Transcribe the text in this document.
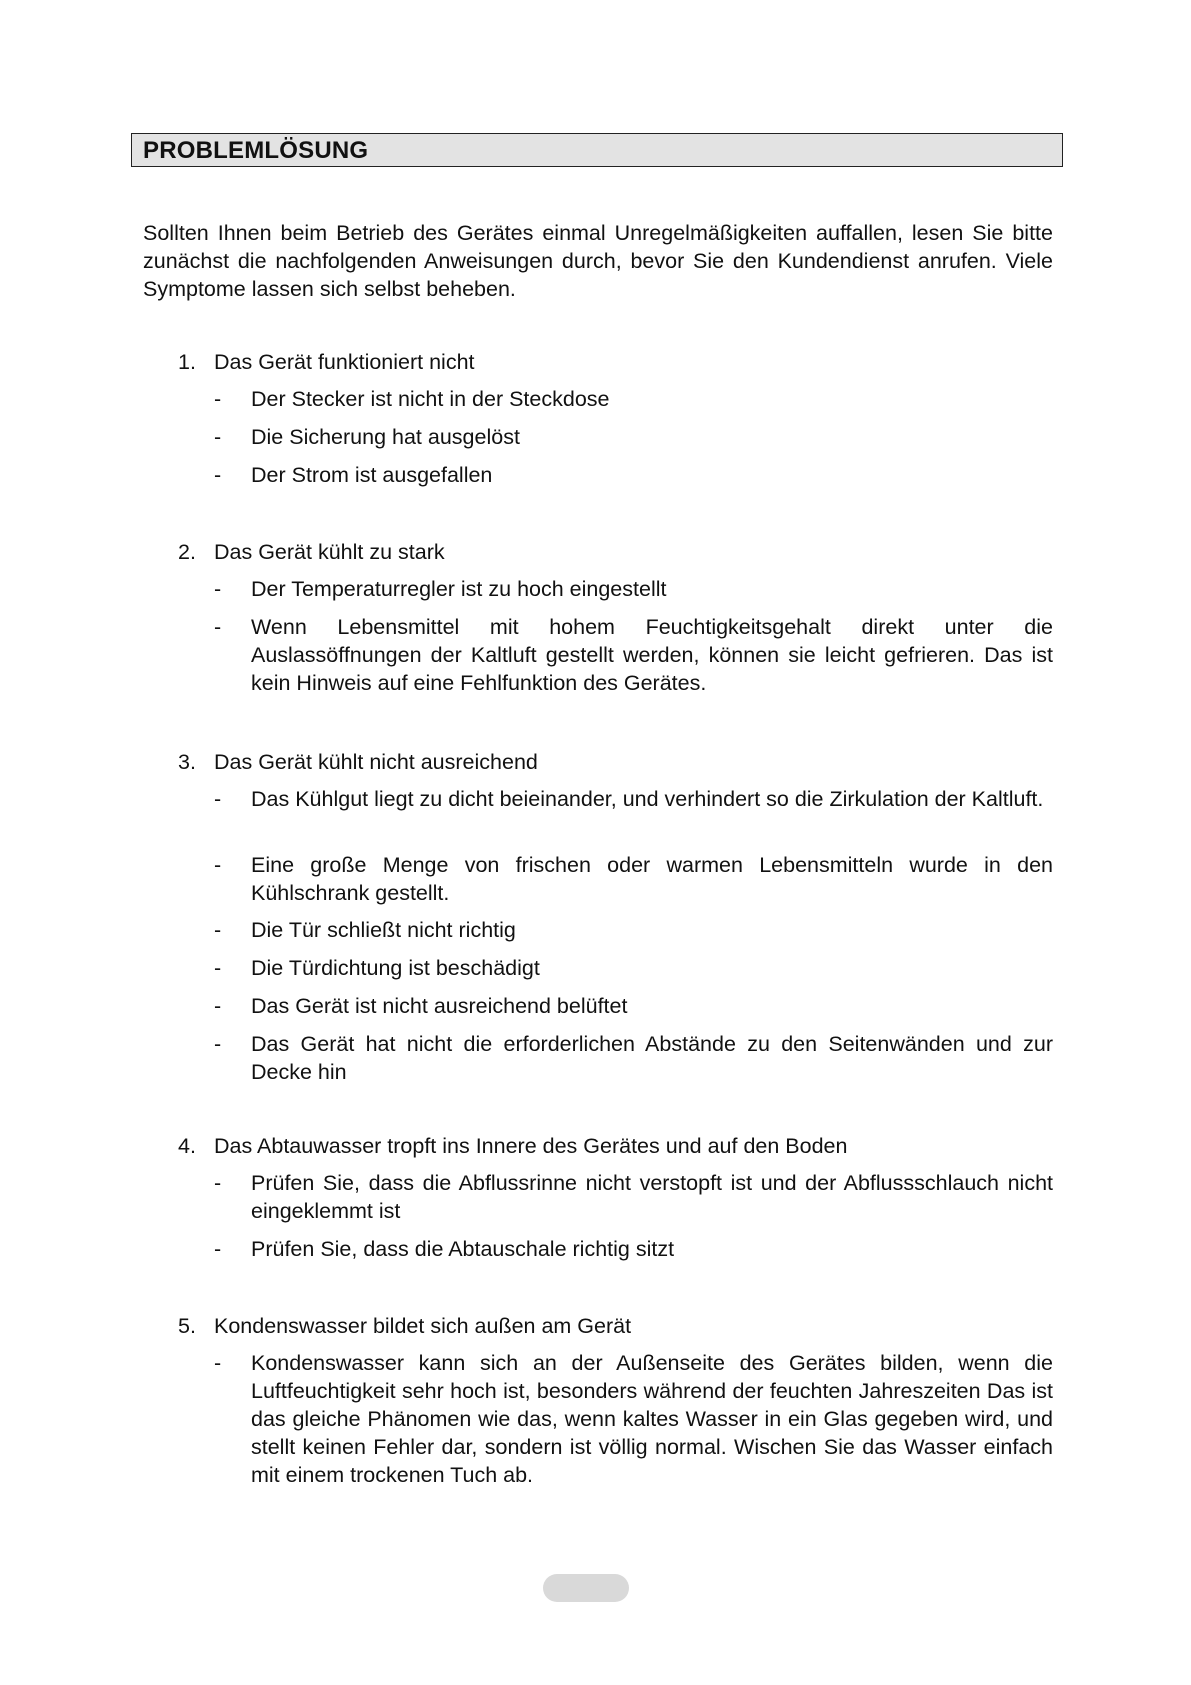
PROBLEMLÖSUNG

Sollten Ihnen beim Betrieb des Gerätes einmal Unregelmäßigkeiten auffallen, lesen Sie bitte zunächst die nachfolgenden Anweisungen durch, bevor Sie den Kundendienst anrufen. Viele Symptome lassen sich selbst beheben.

1. Das Gerät funktioniert nicht
- Der Stecker ist nicht in der Steckdose

- Die Sicherung hat ausgelöst

- Der Strom ist ausgefallen

2. Das Gerät kühlt zu stark
- Der Temperaturregler ist zu hoch eingestellt

- Wenn Lebensmittel mit hohem Feuchtigkeitsgehalt direkt unter die Auslassöffnungen der Kaltluft gestellt werden, können sie leicht gefrieren. Das ist kein Hinweis auf eine Fehlfunktion des Gerätes.

3. Das Gerät kühlt nicht ausreichend
- Das Kühlgut liegt zu dicht beieinander, und verhindert so die Zirkulation der Kaltluft.

- Eine große Menge von frischen oder warmen Lebensmitteln wurde in den Kühlschrank gestellt.

- Die Tür schließt nicht richtig

- Die Türdichtung ist beschädigt

- Das Gerät ist nicht ausreichend belüftet

- Das Gerät hat nicht die erforderlichen Abstände zu den Seitenwänden und zur Decke hin

4. Das Abtauwasser tropft ins Innere des Gerätes und auf den Boden
- Prüfen Sie, dass die Abflussrinne nicht verstopft ist und der Abflussschlauch nicht eingeklemmt ist

- Prüfen Sie, dass die Abtauschale richtig sitzt

5. Kondenswasser bildet sich außen am Gerät
- Kondenswasser kann sich an der Außenseite des Gerätes bilden, wenn die Luftfeuchtigkeit sehr hoch ist, besonders während der feuchten Jahreszeiten Das ist das gleiche Phänomen wie das, wenn kaltes Wasser in ein Glas gegeben wird, und stellt keinen Fehler dar, sondern ist völlig normal. Wischen Sie das Wasser einfach mit einem trockenen Tuch ab.
